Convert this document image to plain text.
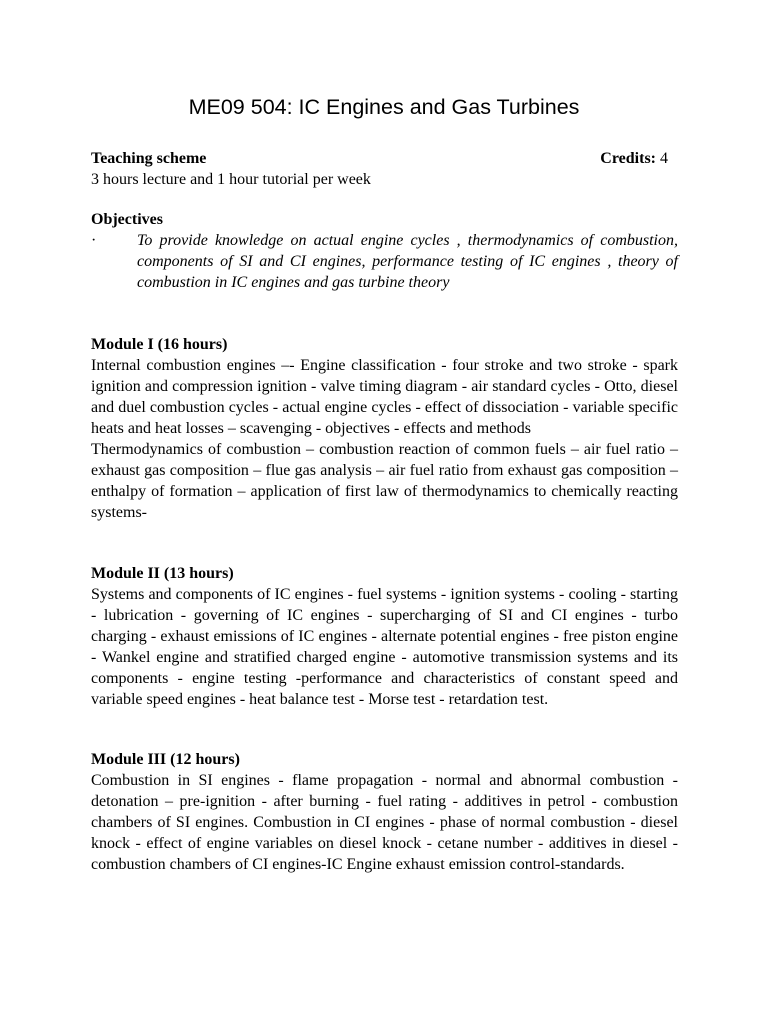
ME09 504: IC Engines and Gas Turbines
Teaching scheme	Credits: 4
3 hours lecture and 1 hour tutorial per week
Objectives
·	To provide knowledge on actual engine cycles , thermodynamics of combustion, components of SI and CI engines, performance testing of IC engines , theory of combustion in IC engines and gas turbine theory

Module I (16 hours)

Internal combustion engines –- Engine classification - four stroke and two stroke - spark ignition and compression ignition - valve timing diagram - air standard cycles - Otto, diesel and duel combustion cycles - actual engine cycles - effect of dissociation - variable specific heats and heat losses – scavenging - objectives - effects and methods

Thermodynamics of combustion – combustion reaction of common fuels – air fuel ratio – exhaust gas composition – flue gas analysis – air fuel ratio from exhaust gas composition – enthalpy of formation – application of first law of thermodynamics to chemically reacting systems-

Module II (13 hours)

Systems and components of IC engines - fuel systems - ignition systems - cooling - starting - lubrication - governing of IC engines - supercharging of SI and CI engines - turbo charging - exhaust emissions of IC engines - alternate potential engines - free piston engine - Wankel engine and stratified charged engine - automotive transmission systems and its components - engine testing -performance and characteristics of constant speed and variable speed engines - heat balance test - Morse test - retardation test.

Module III (12 hours)

Combustion in SI engines - flame propagation - normal and abnormal combustion - detonation – pre-ignition - after burning - fuel rating - additives in petrol - combustion chambers of SI engines. Combustion in CI engines - phase of normal combustion - diesel knock - effect of engine variables on diesel knock - cetane number - additives in diesel - combustion chambers of CI engines-IC Engine exhaust emission control-standards.
